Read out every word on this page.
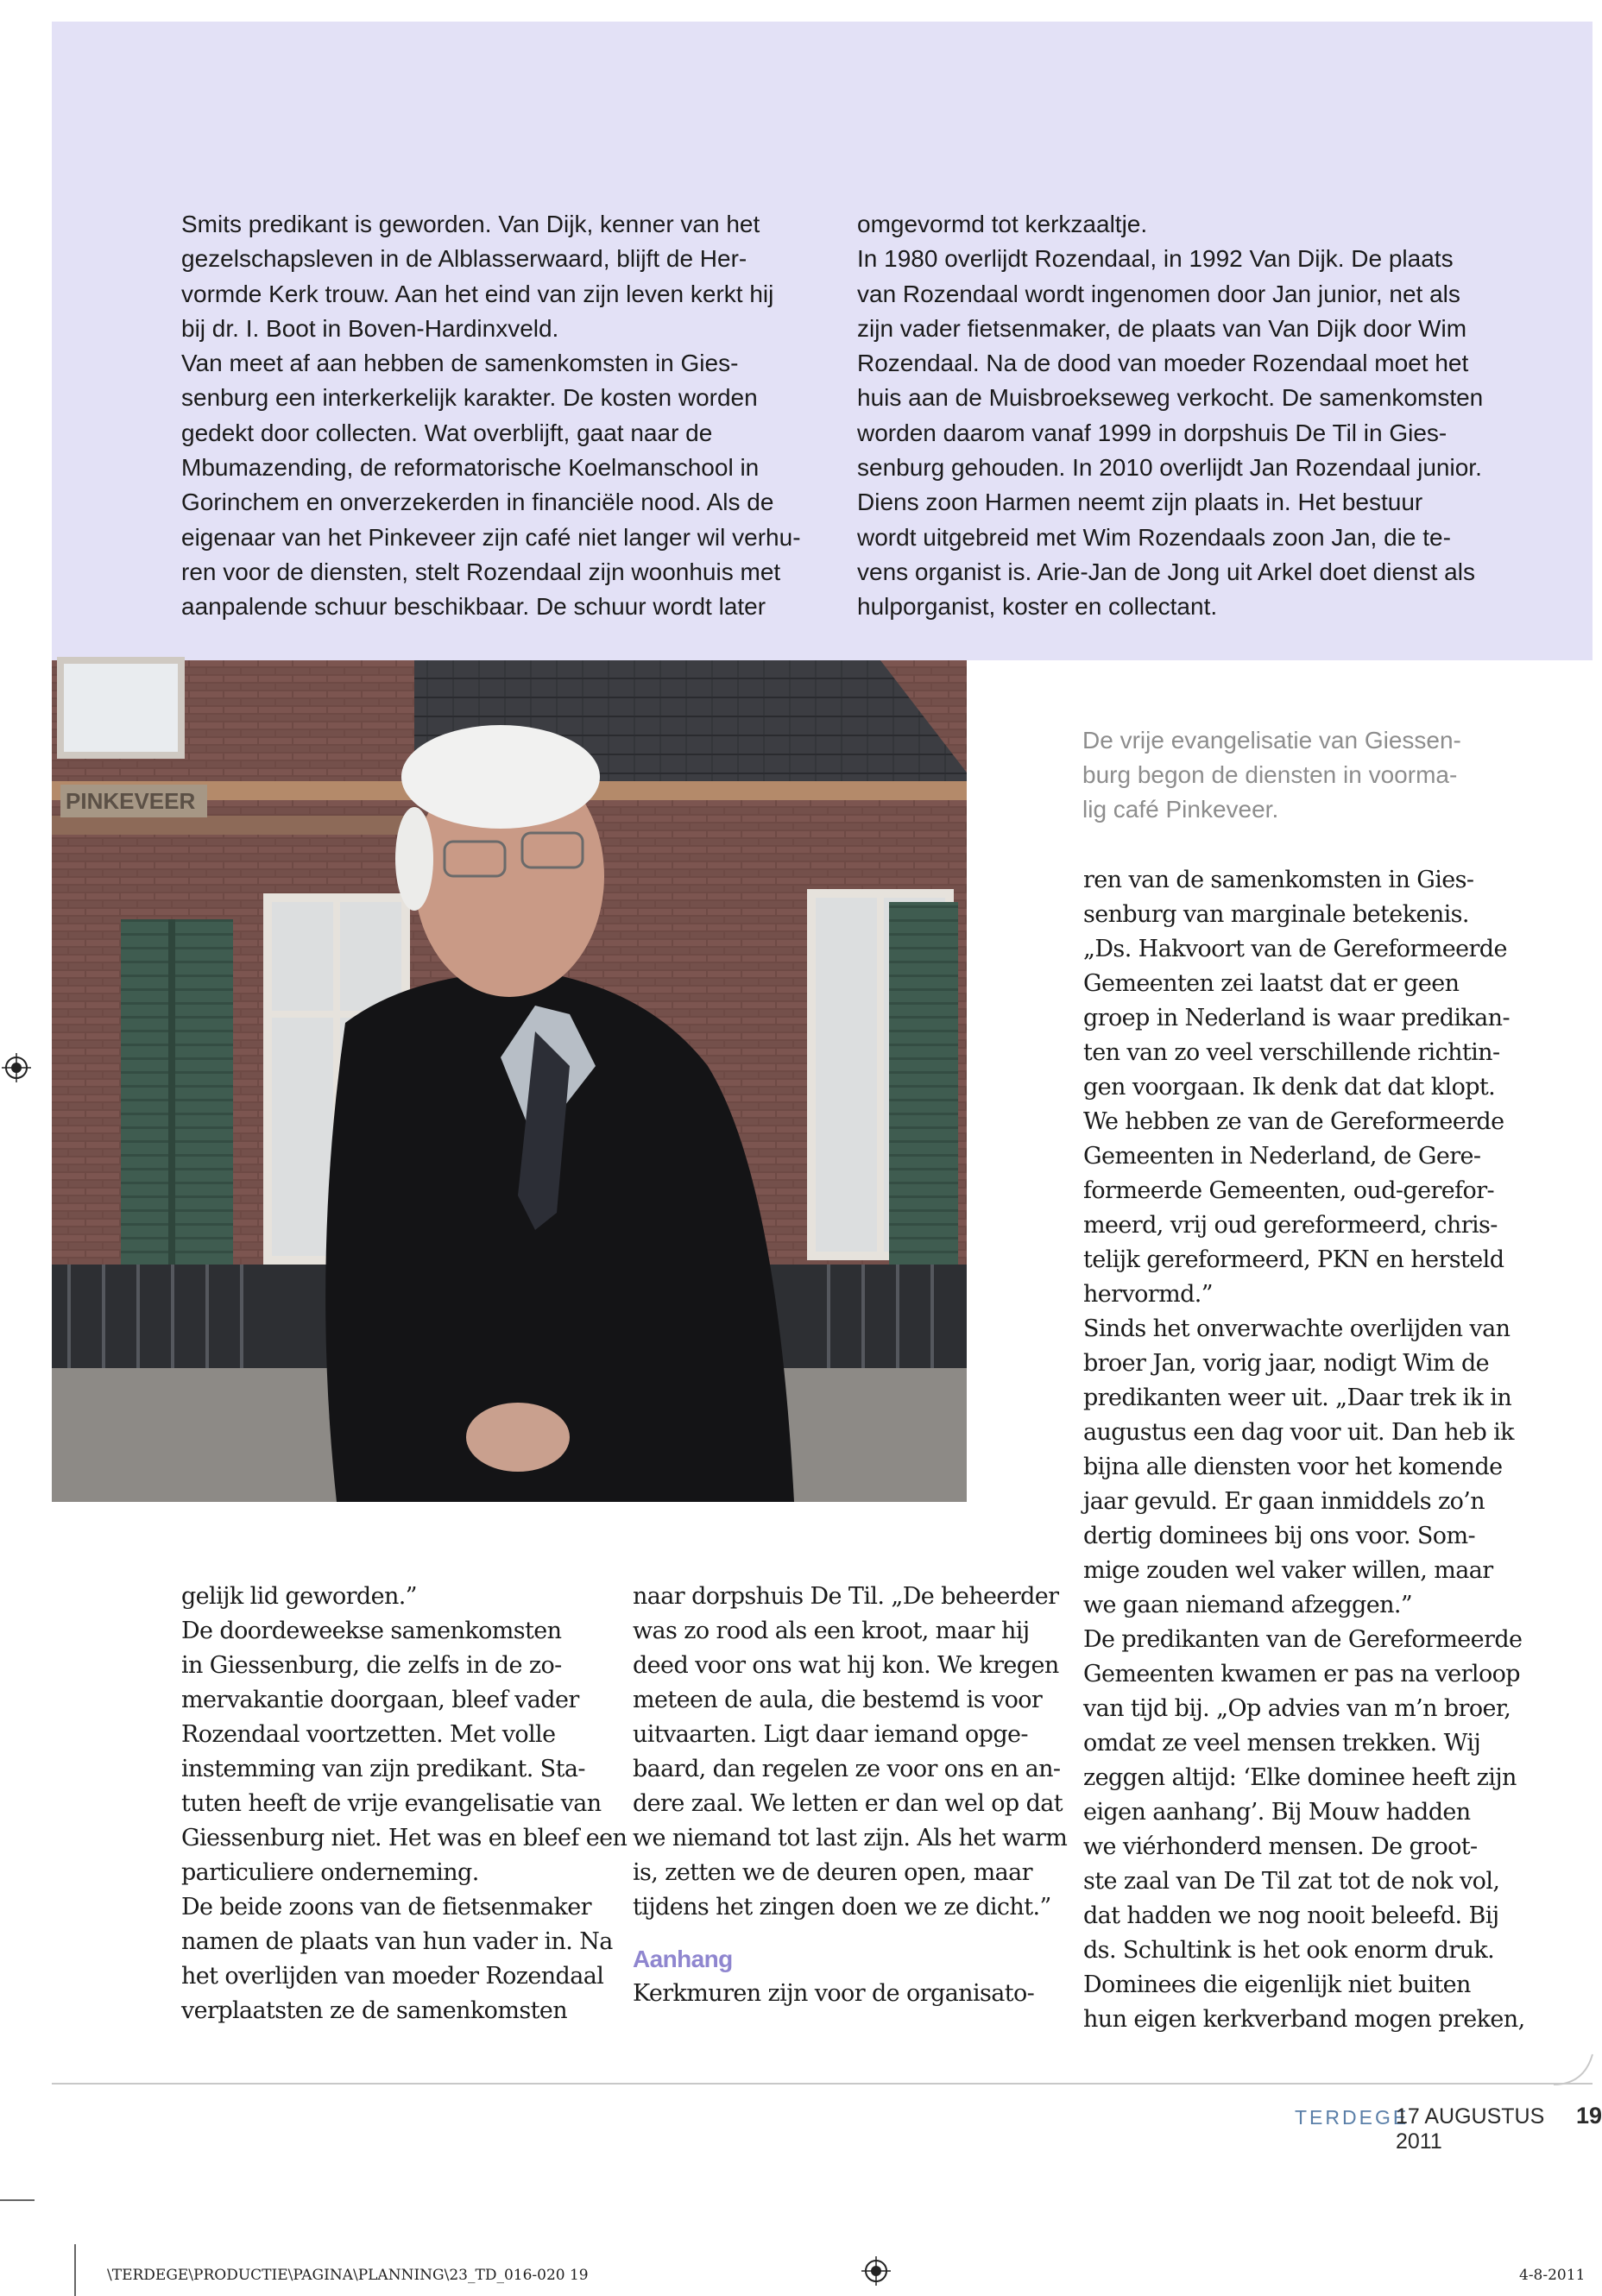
Smits predikant is geworden. Van Dijk, kenner van het
gezelschapsleven in de Alblasserwaard, blijft de Her-
vormde Kerk trouw. Aan het eind van zijn leven kerkt hij
bij dr. I. Boot in Boven-Hardinxveld.
Van meet af aan hebben de samenkomsten in Gies-
senburg een interkerkelijk karakter. De kosten worden
gedekt door collecten. Wat overblijft, gaat naar de
Mbumazending, de reformatorische Koelmanschool in
Gorinchem en onverzekerden in financiële nood. Als de
eigenaar van het Pinkeveer zijn café niet langer wil verhu-
ren voor de diensten, stelt Rozendaal zijn woonhuis met
aanpalende schuur beschikbaar. De schuur wordt later
omgevormd tot kerkzaaltje.
In 1980 overlijdt Rozendaal, in 1992 Van Dijk. De plaats
van Rozendaal wordt ingenomen door Jan junior, net als
zijn vader fietsenmaker, de plaats van Van Dijk door Wim
Rozendaal. Na de dood van moeder Rozendaal moet het
huis aan de Muisbroekseweg verkocht. De samenkomsten
worden daarom vanaf 1999 in dorpshuis De Til in Gies-
senburg gehouden. In 2010 overlijdt Jan Rozendaal junior.
Diens zoon Harmen neemt zijn plaats in. Het bestuur
wordt uitgebreid met Wim Rozendaals zoon Jan, die te-
vens organist is. Arie-Jan de Jong uit Arkel doet dienst als
hulporganist, koster en collectant.
PINKEVEER
De vrije evangelisatie van Giessen-
burg begon de diensten in voorma-
lig café Pinkeveer.
ren van de samenkomsten in Gies-
senburg van marginale betekenis.
„Ds. Hakvoort van de Gereformeerde
Gemeenten zei laatst dat er geen
groep in Nederland is waar predikan-
ten van zo veel verschillende richtin-
gen voorgaan. Ik denk dat dat klopt.
We hebben ze van de Gereformeerde
Gemeenten in Nederland, de Gere-
formeerde Gemeenten, oud-gerefor-
meerd, vrij oud gereformeerd, chris-
telijk gereformeerd, PKN en hersteld
hervormd.”
Sinds het onverwachte overlijden van
broer Jan, vorig jaar, nodigt Wim de
predikanten weer uit. „Daar trek ik in
augustus een dag voor uit. Dan heb ik
bijna alle diensten voor het komende
jaar gevuld. Er gaan inmiddels zo’n
dertig dominees bij ons voor. Som-
mige zouden wel vaker willen, maar
we gaan niemand afzeggen.”
De predikanten van de Gereformeerde
Gemeenten kwamen er pas na verloop
van tijd bij. „Op advies van m’n broer,
omdat ze veel mensen trekken. Wij
zeggen altijd: ‘Elke dominee heeft zijn
eigen aanhang’. Bij Mouw hadden
we viérhonderd mensen. De groot-
ste zaal van De Til zat tot de nok vol,
dat hadden we nog nooit beleefd. Bij
ds. Schultink is het ook enorm druk.
Dominees die eigenlijk niet buiten
hun eigen kerkverband mogen preken,
gelijk lid geworden.”
De doordeweekse samenkomsten
in Giessenburg, die zelfs in de zo-
mervakantie doorgaan, bleef vader
Rozendaal voortzetten. Met volle
instemming van zijn predikant. Sta-
tuten heeft de vrije evangelisatie van
Giessenburg niet. Het was en bleef een
particuliere onderneming.
De beide zoons van de fietsenmaker
namen de plaats van hun vader in. Na
het overlijden van moeder Rozendaal
verplaatsten ze de samenkomsten
naar dorpshuis De Til. „De beheerder
was zo rood als een kroot, maar hij
deed voor ons wat hij kon. We kregen
meteen de aula, die bestemd is voor
uitvaarten. Ligt daar iemand opge-
baard, dan regelen ze voor ons en an-
dere zaal. We letten er dan wel op dat
we niemand tot last zijn. Als het warm
is, zetten we de deuren open, maar
tijdens het zingen doen we ze dicht.”
Aanhang
Kerkmuren zijn voor de organisato-
TERDEGE
17 AUGUSTUS 2011
19
\TERDEGE\PRODUCTIE\PAGINA\PLANNING\23_TD_016-020 19	4-8-2011
